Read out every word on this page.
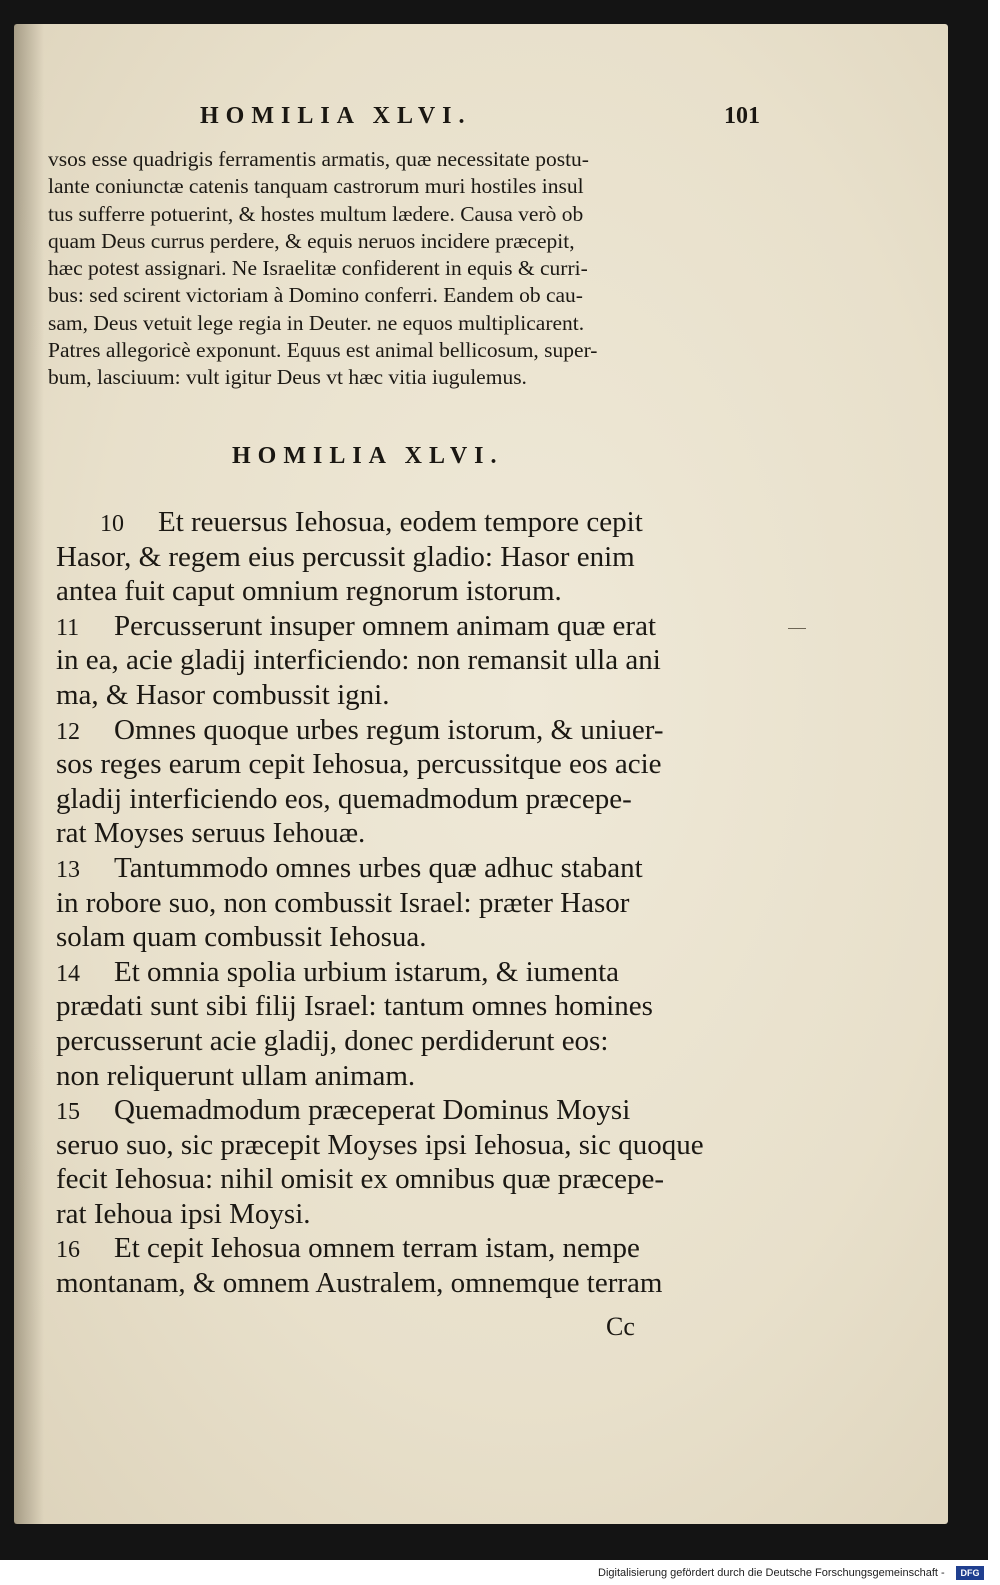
HOMILIA XLVI.	101
vsos esse quadrigis ferramentis armatis, quæ necessitate postu-
lante coniunctæ catenis tanquam castrorum muri hostiles insul
tus sufferre potuerint, & hostes multum lædere. Causa verò ob
quam Deus currus perdere, & equis neruos incidere præcepit,
hæc potest assignari. Ne Israelitæ confiderent in equis & curri-
bus: sed scirent victoriam à Domino conferri. Eandem ob cau-
sam, Deus vetuit lege regia in Deuter. ne equos multiplicarent.
Patres allegoricè exponunt. Equus est animal bellicosum, super-
bum, lasciuum: vult igitur Deus vt hæc vitia iugulemus.
HOMILIA XLVI.
10 Et reuersus Iehosua, eodem tempore cepit
Hasor, & regem eius percussit gladio: Hasor enim
antea fuit caput omnium regnorum istorum.
11 Percusserunt insuper omnem animam quæ erat
in ea, acie gladij interficiendo: non remansit ulla ani
ma, & Hasor combussit igni.
12 Omnes quoque urbes regum istorum, & uniuer-
sos reges earum cepit Iehosua, percussitque eos acie
gladij interficiendo eos, quemadmodum præcepe-
rat Moyses seruus Iehouæ.
13 Tantummodo omnes urbes quæ adhuc stabant
in robore suo, non combussit Israel: præter Hasor
solam quam combussit Iehosua.
14 Et omnia spolia urbium istarum, & iumenta
prædati sunt sibi filij Israel: tantum omnes homines
percusserunt acie gladij, donec perdiderunt eos:
non reliquerunt ullam animam.
15 Quemadmodum præceperat Dominus Moysi
seruo suo, sic præcepit Moyses ipsi Iehosua, sic quoque
fecit Iehosua: nihil omisit ex omnibus quæ præcepe-
rat Iehoua ipsi Moysi.
16 Et cepit Iehosua omnem terram istam, nempe
montanam, & omnem Australem, omnemque terram
Cc
Digitalisierung gefördert durch die Deutsche Forschungsgemeinschaft -	DFG
